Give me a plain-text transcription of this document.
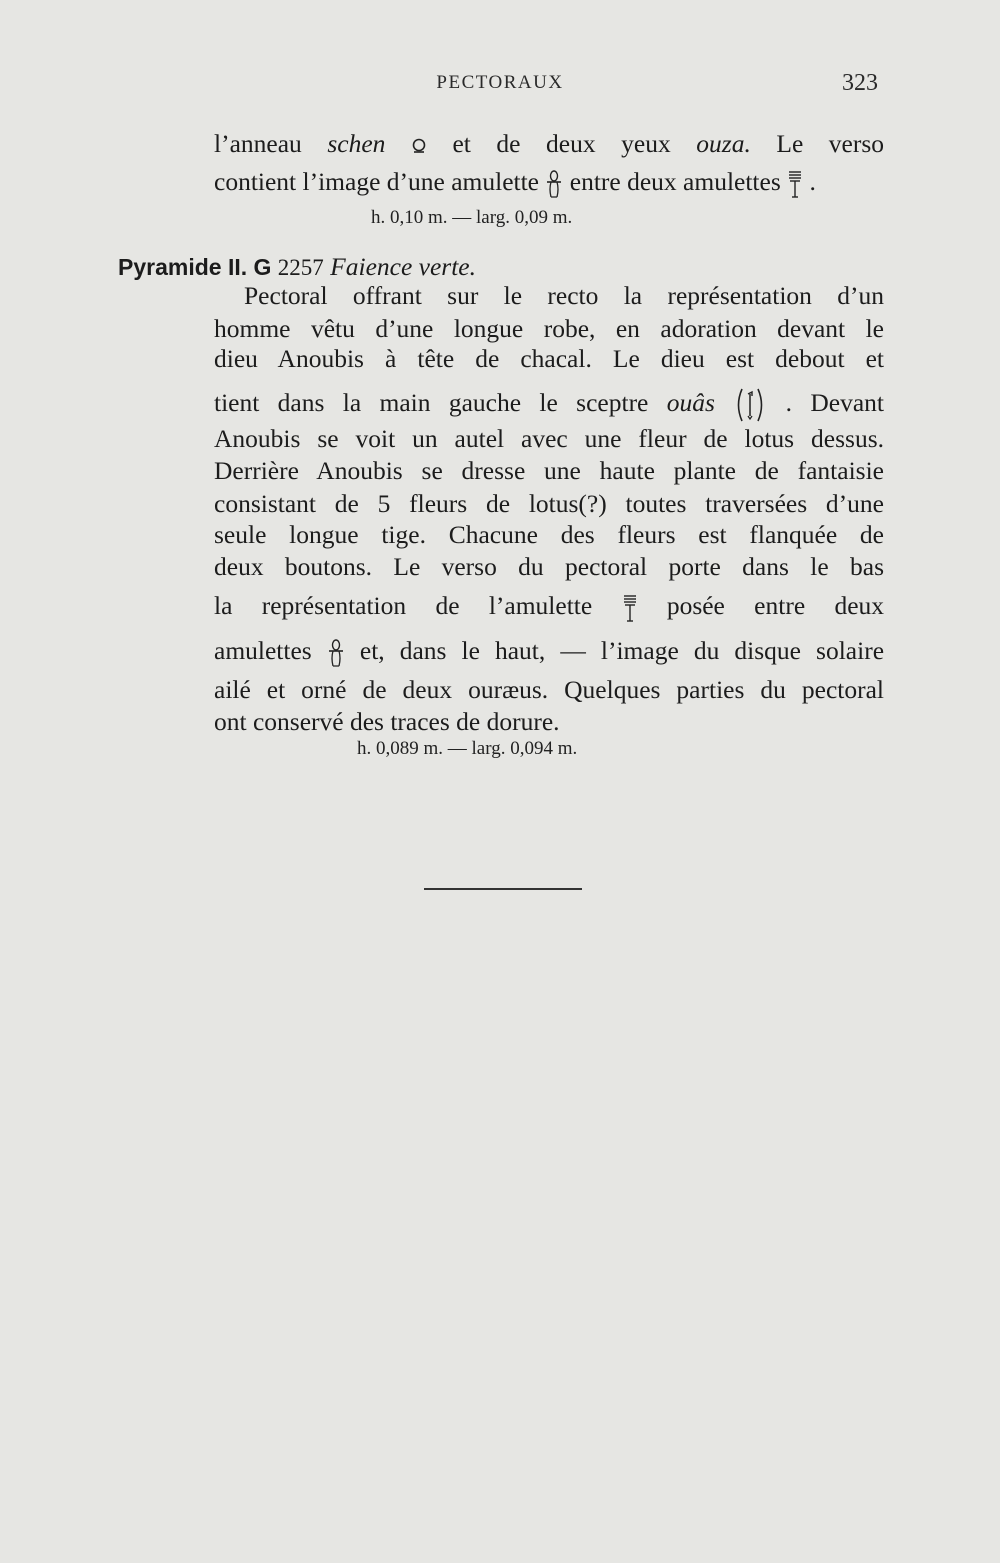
PECTORAUX	323
l’anneau schen	et de deux yeux ouza. Le verso
contient l’image d’une amulette entre deux amulettes .
h. 0,10 m. — larg. 0,09 m.
Pyramide II. G 2257 Faience verte.
Pectoral offrant sur le recto la représentation d’un
homme vêtu d’une longue robe, en adoration devant le
dieu Anoubis à tête de chacal. Le dieu est debout et
tient dans la main gauche le sceptre ouâs	. Devant
Anoubis se voit un autel avec une fleur de lotus dessus.
Derrière Anoubis se dresse une haute plante de fantaisie
consistant de 5 fleurs de lotus(?) toutes traversées d’une
seule longue tige. Chacune des fleurs est flanquée de
deux boutons. Le verso du pectoral porte dans le bas
la représentation de l’amulette	posée entre deux
amulettes et, dans le haut, — l’image du disque solaire
ailé et orné de deux ouræus. Quelques parties du pectoral
ont conservé des traces de dorure.
h. 0,089 m. — larg. 0,094 m.
